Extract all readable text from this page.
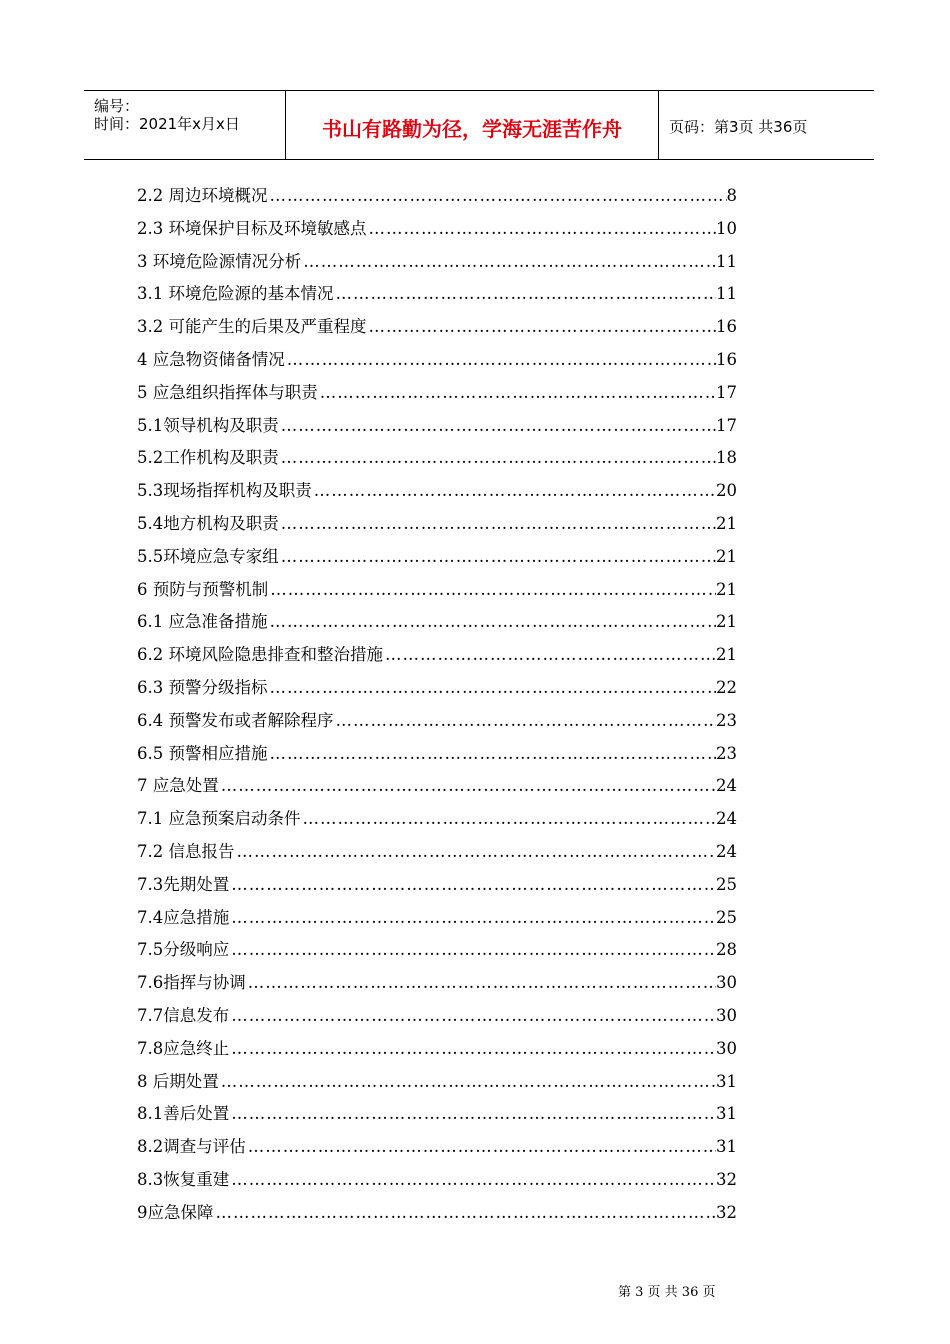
编号：
时间：2021年x月x日	书山有路勤为径，学海无涯苦作舟	页码：第3页 共36页
2.2 周边环境概况 …………………………………………………………………………………………………………………………………………………………………………	8
2.3 环境保护目标及环境敏感点 …………………………………………………………………………………………………………………………………………………………………………	10
3 环境危险源情况分析 …………………………………………………………………………………………………………………………………………………………………………	11
3.1 环境危险源的基本情况 …………………………………………………………………………………………………………………………………………………………………………	11
3.2 可能产生的后果及严重程度 …………………………………………………………………………………………………………………………………………………………………………	16
4 应急物资储备情况 …………………………………………………………………………………………………………………………………………………………………………	16
5 应急组织指挥体与职责 …………………………………………………………………………………………………………………………………………………………………………	17
5.1领导机构及职责 …………………………………………………………………………………………………………………………………………………………………………	17
5.2工作机构及职责 …………………………………………………………………………………………………………………………………………………………………………	18
5.3现场指挥机构及职责 …………………………………………………………………………………………………………………………………………………………………………	20
5.4地方机构及职责 …………………………………………………………………………………………………………………………………………………………………………	21
5.5环境应急专家组 …………………………………………………………………………………………………………………………………………………………………………	21
6 预防与预警机制 …………………………………………………………………………………………………………………………………………………………………………	21
6.1 应急准备措施 …………………………………………………………………………………………………………………………………………………………………………	21
6.2 环境风险隐患排查和整治措施 …………………………………………………………………………………………………………………………………………………………………………	21
6.3 预警分级指标 …………………………………………………………………………………………………………………………………………………………………………	22
6.4 预警发布或者解除程序 …………………………………………………………………………………………………………………………………………………………………………	23
6.5 预警相应措施 …………………………………………………………………………………………………………………………………………………………………………	23
7 应急处置 …………………………………………………………………………………………………………………………………………………………………………	24
7.1 应急预案启动条件 …………………………………………………………………………………………………………………………………………………………………………	24
7.2 信息报告 …………………………………………………………………………………………………………………………………………………………………………	24
7.3先期处置 …………………………………………………………………………………………………………………………………………………………………………	25
7.4应急措施 …………………………………………………………………………………………………………………………………………………………………………	25
7.5分级响应 …………………………………………………………………………………………………………………………………………………………………………	28
7.6指挥与协调 …………………………………………………………………………………………………………………………………………………………………………	30
7.7信息发布 …………………………………………………………………………………………………………………………………………………………………………	30
7.8应急终止 …………………………………………………………………………………………………………………………………………………………………………	30
8 后期处置 …………………………………………………………………………………………………………………………………………………………………………	31
8.1善后处置 …………………………………………………………………………………………………………………………………………………………………………	31
8.2调查与评估 …………………………………………………………………………………………………………………………………………………………………………	31
8.3恢复重建 …………………………………………………………………………………………………………………………………………………………………………	32
9应急保障 …………………………………………………………………………………………………………………………………………………………………………	32
第 3 页 共 36 页
